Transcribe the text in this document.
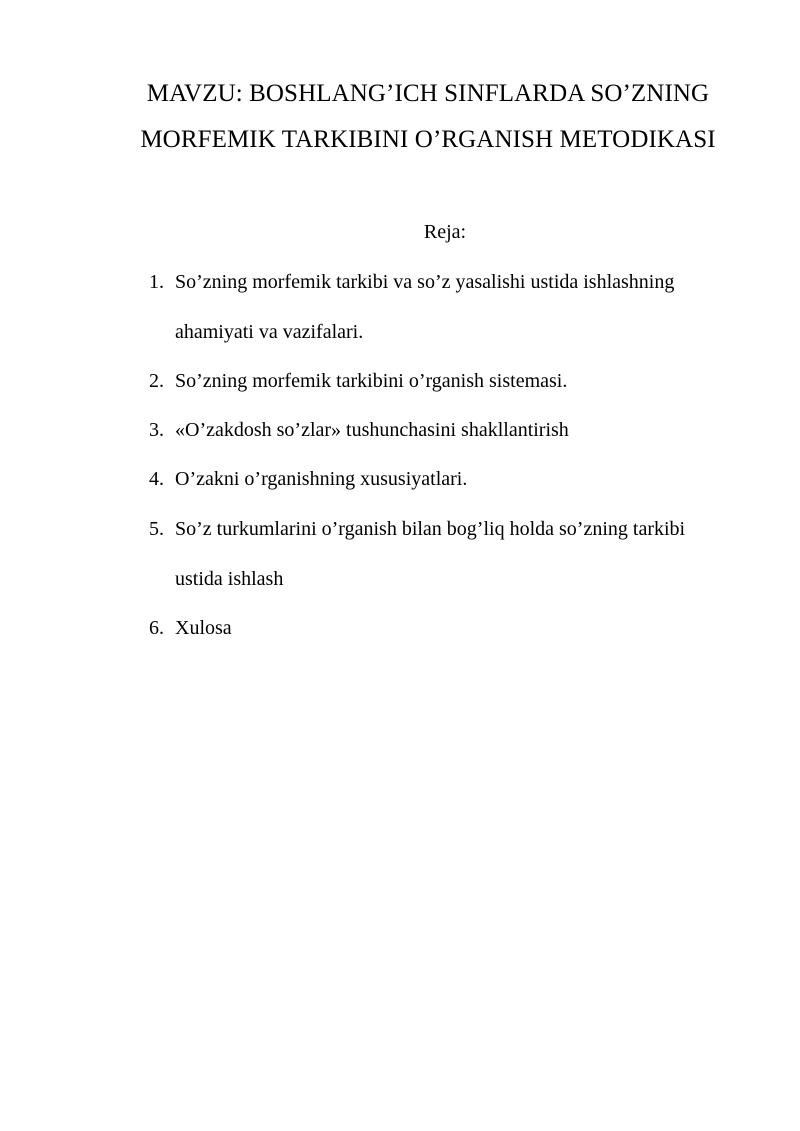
MAVZU: BOSHLANG’ICH SINFLARDA SO’ZNING
MORFEMIK TARKIBINI O’RGANISH METODIKASI
Reja:
1. So’zning morfemik tarkibi va so’z yasalishi ustida ishlashning
ahamiyati va vazifalari.
2. So’zning morfemik tarkibini o’rganish sistemasi.
3. «O’zakdosh so’zlar» tushunchasini shakllantirish
4. O’zakni o’rganishning xususiyatlari.
5. So’z turkumlarini o’rganish bilan bog’liq holda so’zning tarkibi
ustida ishlash
6. Xulosa
